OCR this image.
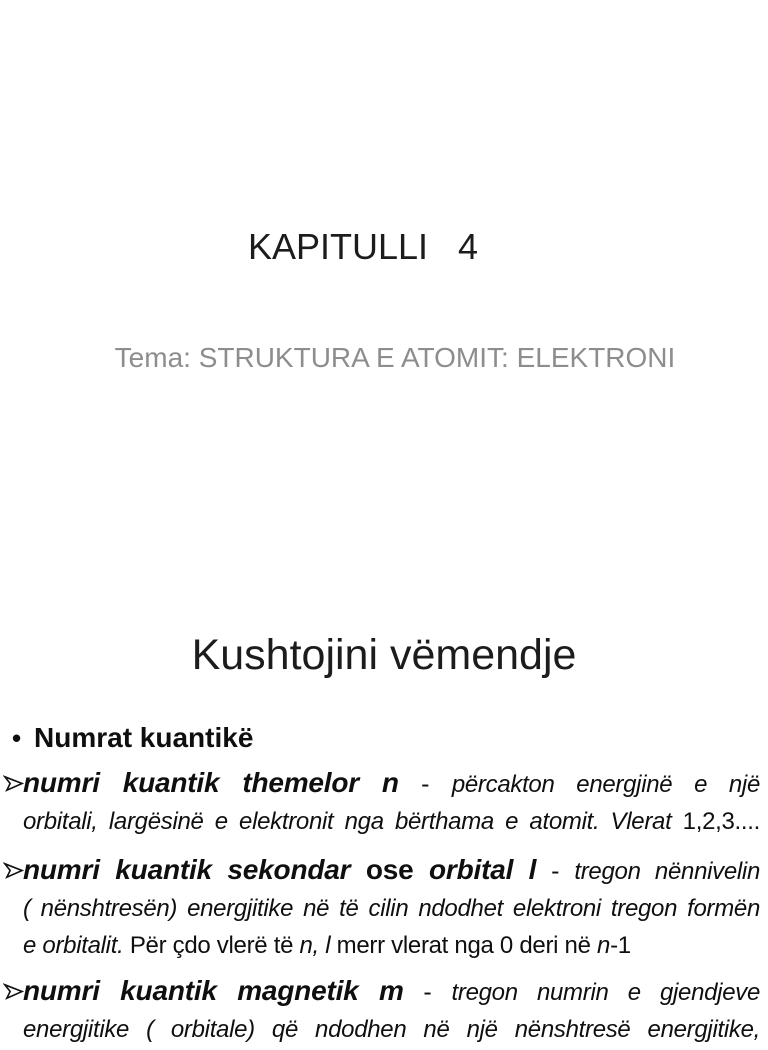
KAPITULLI   4
Tema: STRUKTURA E ATOMIT: ELEKTRONI
Kushtojini vëmendje
• Numrat kuantikë
numri kuantik themelor n - përcakton energjinë e një
orbitali, largësinë e elektronit nga bërthama e atomit. Vlerat 1,2,3....
numri kuantik sekondar ose orbital l - tregon nënnivelin
( nënshtresën) energjitike në të cilin ndodhet elektroni tregon formën
e orbitalit. Për çdo vlerë të n, l merr vlerat nga 0 deri në n-1
numri kuantik magnetik m - tregon numrin e gjendjeve
energjitike ( orbitale) që ndodhen në një nënshtresë energjitike,
